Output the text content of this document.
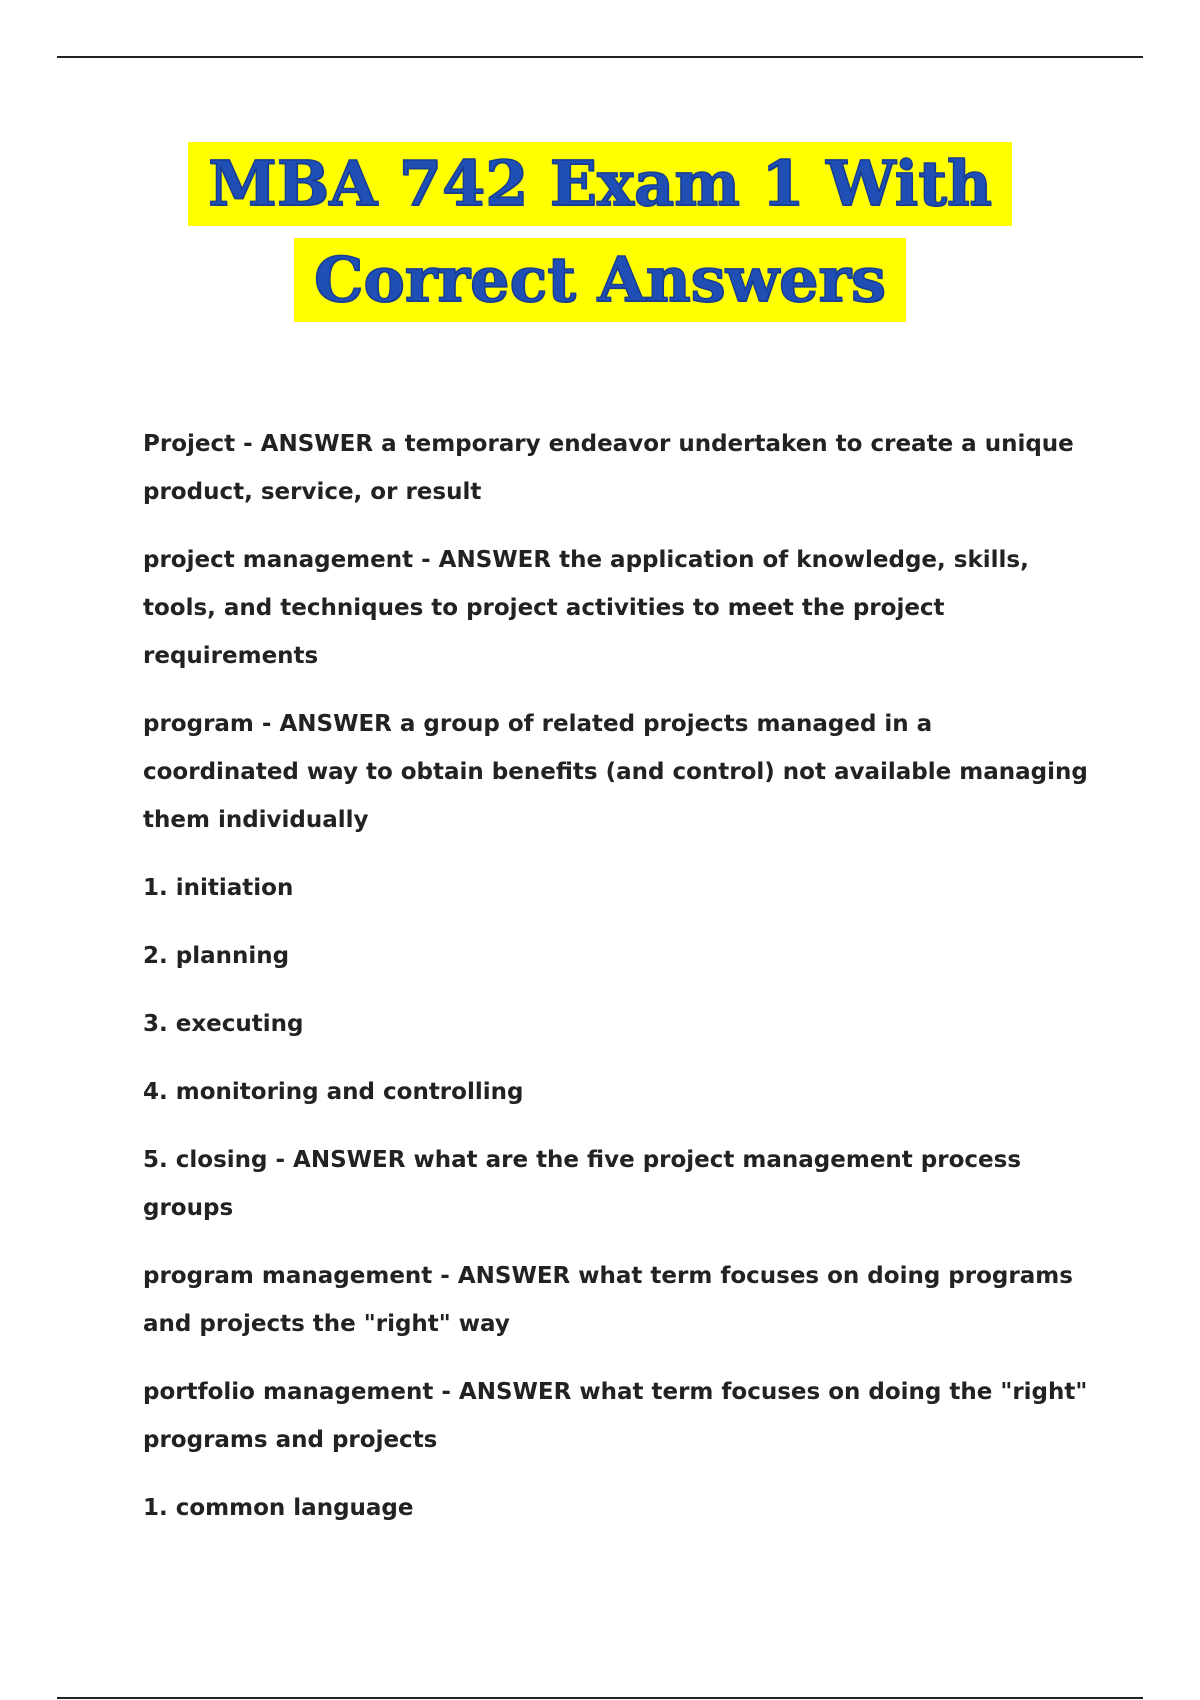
MBA 742 Exam 1 With
Correct Answers

Project - ANSWER a temporary endeavor undertaken to create a unique product, service, or result

project management - ANSWER the application of knowledge, skills, tools, and techniques to project activities to meet the project requirements

program - ANSWER a group of related projects managed in a coordinated way to obtain benefits (and control) not available managing them individually

1. initiation

2. planning

3. executing

4. monitoring and controlling

5. closing - ANSWER what are the five project management process groups

program management - ANSWER what term focuses on doing programs and projects the "right" way

portfolio management - ANSWER what term focuses on doing the "right" programs and projects

1. common language
